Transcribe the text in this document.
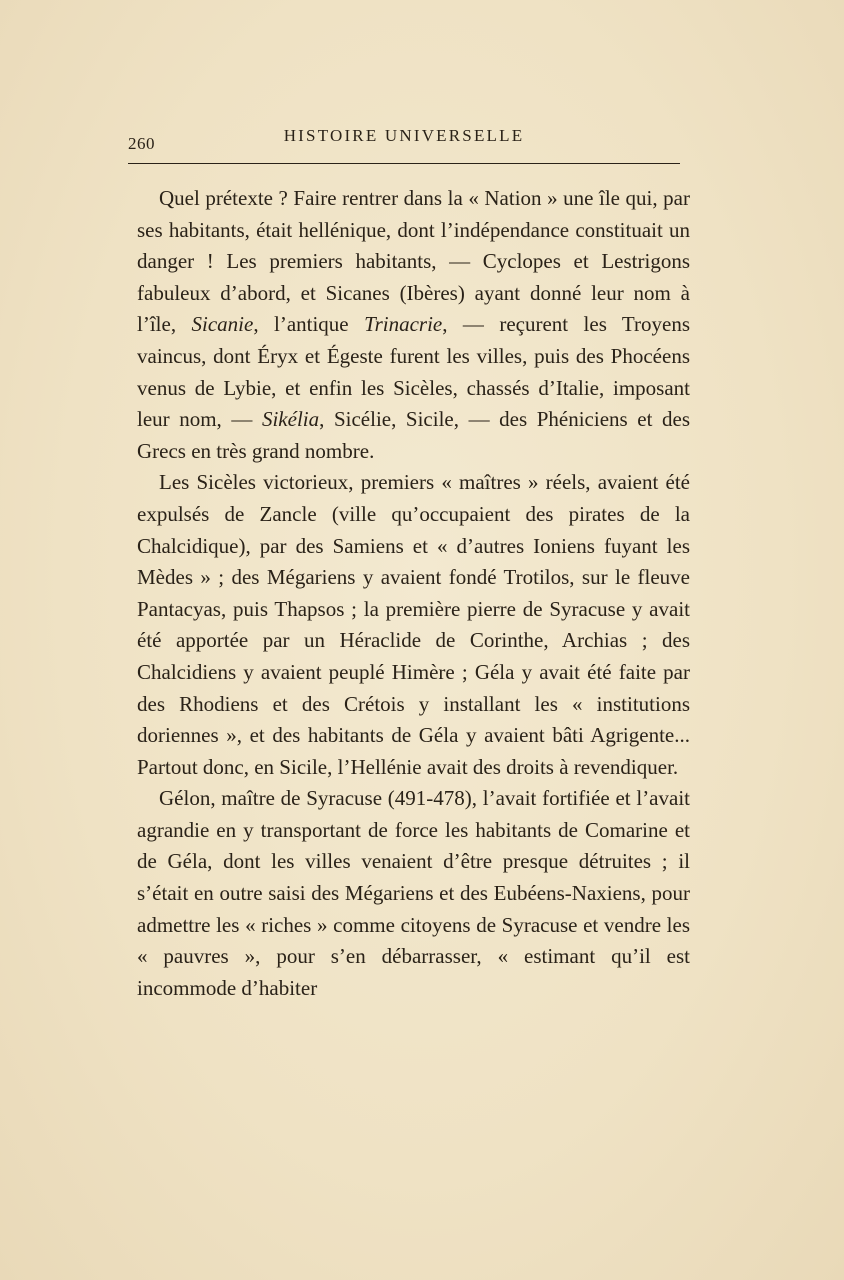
260	HISTOIRE UNIVERSELLE

Quel prétexte ? Faire rentrer dans la « Nation » une île qui, par ses habitants, était hellénique, dont l’indépendance constituait un danger ! Les premiers habitants, — Cyclopes et Lestrigons fabuleux d’abord, et Sicanes (Ibères) ayant donné leur nom à l’île, Sicanie, l’antique Trinacrie, — reçurent les Troyens vaincus, dont Éryx et Égeste furent les villes, puis des Phocéens venus de Lybie, et enfin les Sicèles, chassés d’Italie, imposant leur nom, — Sikélia, Sicélie, Sicile, — des Phéniciens et des Grecs en très grand nombre.

Les Sicèles victorieux, premiers « maîtres » réels, avaient été expulsés de Zancle (ville qu’occupaient des pirates de la Chalcidique), par des Samiens et « d’autres Ioniens fuyant les Mèdes » ; des Mégariens y avaient fondé Trotilos, sur le fleuve Pantacyas, puis Thapsos ; la première pierre de Syracuse y avait été apportée par un Héraclide de Corinthe, Archias ; des Chalcidiens y avaient peuplé Himère ; Géla y avait été faite par des Rhodiens et des Crétois y installant les « institutions doriennes », et des habitants de Géla y avaient bâti Agrigente... Partout donc, en Sicile, l’Hellénie avait des droits à revendiquer.

Gélon, maître de Syracuse (491-478), l’avait fortifiée et l’avait agrandie en y transportant de force les habitants de Comarine et de Géla, dont les villes venaient d’être presque détruites ; il s’était en outre saisi des Mégariens et des Eubéens-Naxiens, pour admettre les « riches » comme citoyens de Syracuse et vendre les « pauvres », pour s’en débarrasser, « estimant qu’il est incommode d’habiter
